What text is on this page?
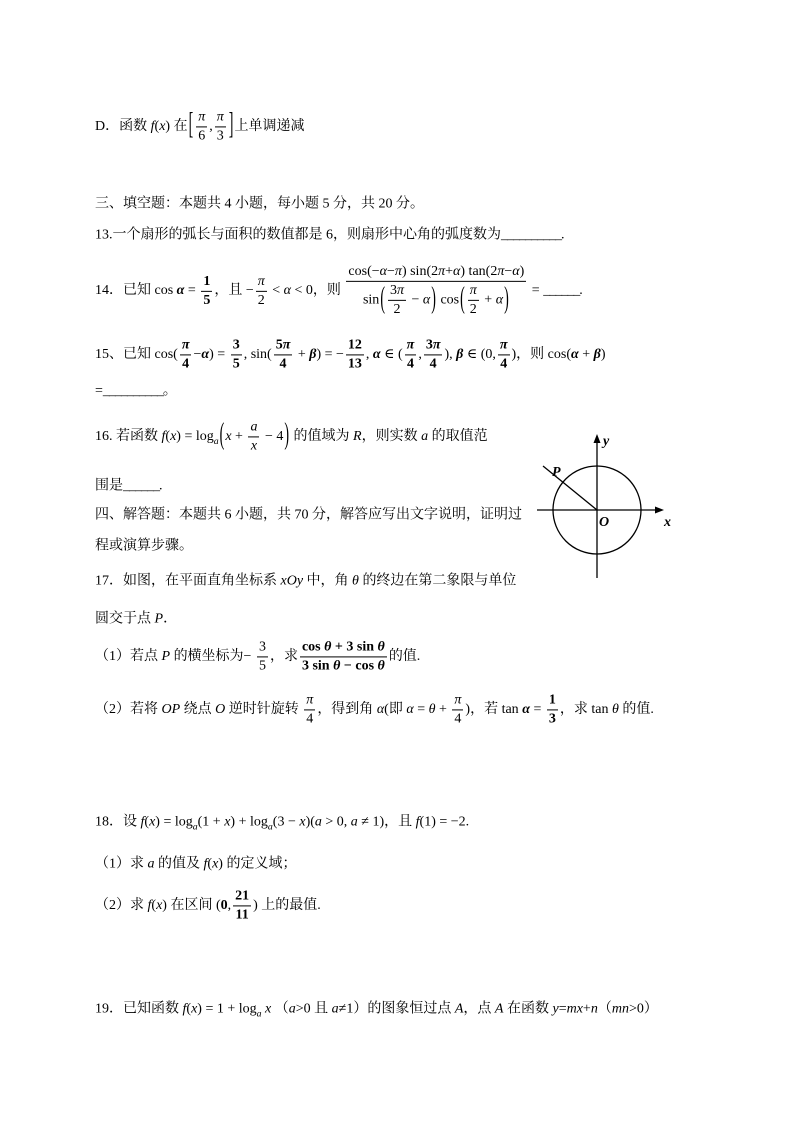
D．函数 f(x) 在[ $\frac{\pi}{6}$ , $\frac{\pi}{3}$ ]上单调递减
三、填空题：本题共 4 小题，每小题 5 分，共 20 分。
13.一个扇形的弧长与面积的数值都是 6，则扇形中心角的弧度数为__________.
14．已知 $\cos \alpha = \frac{1}{5}$ ，且 − $\frac{\pi}{2} < \alpha < 0$，则 $\frac{\cos(-\alpha-\pi) \sin(2\pi+\alpha) \tan(2\pi-\alpha)}{\sin( \frac{3\pi}{2} - \alpha) \cos( \frac{\pi}{2} + \alpha)}$ = ______.
15、已知 $\cos( \frac{\pi}{4} -\alpha) = \frac{3}{5}$ , $\sin( \frac{5\pi}{4} + \beta)$ = − $\frac{12}{13}$ , α ∈ ( $\frac{\pi}{4}$ , $\frac{3\pi}{4}$ ), β ∈ (0, $\frac{\pi}{4}$ )，则 cos(α + β)
=__________。
16. 若函数 $f(x) = \log_a(x + \frac{a}{x} - 4)$ 的值域为 R，则实数 a 的取值范
围是______.
四、解答题：本题共 6 小题，共 70 分，解答应写出文字说明，证明过
程或演算步骤。
17．如图，在平面直角坐标系 xOy 中，角 θ 的终边在第二象限与单位
圆交于点 P．
（1）若点 P 的横坐标为− $\frac{3}{5}$ ，求 $\frac{\text{cos θ + 3 sin θ}}{\text{3 sin θ − cos θ}}$ 的值.
（2）若将 OP 绕点 O 逆时针旋转 $\frac{\pi}{4}$ ，得到角 α(即 $\alpha = \theta + \frac{\pi}{4}$ )，若 $\tan \alpha = \frac{1}{3}$ ，求 tan θ 的值.
18．设 $f(x) = \log_a(1 + x) + \log_a(3 - x)(a > 0$, a ≠ 1)，且 f(1) = −2.
（1）求 a 的值及 f(x) 的定义域；
（2）求 f(x) 在区间 (0, $\frac{21}{11}$ ) 上的最值.
19．已知函数 $f(x) = 1 + \log_a x$ （a>0 且 a≠1）的图象恒过点 A，点 A 在函数 y=mx+n（mn>0）
y
x
O
P
